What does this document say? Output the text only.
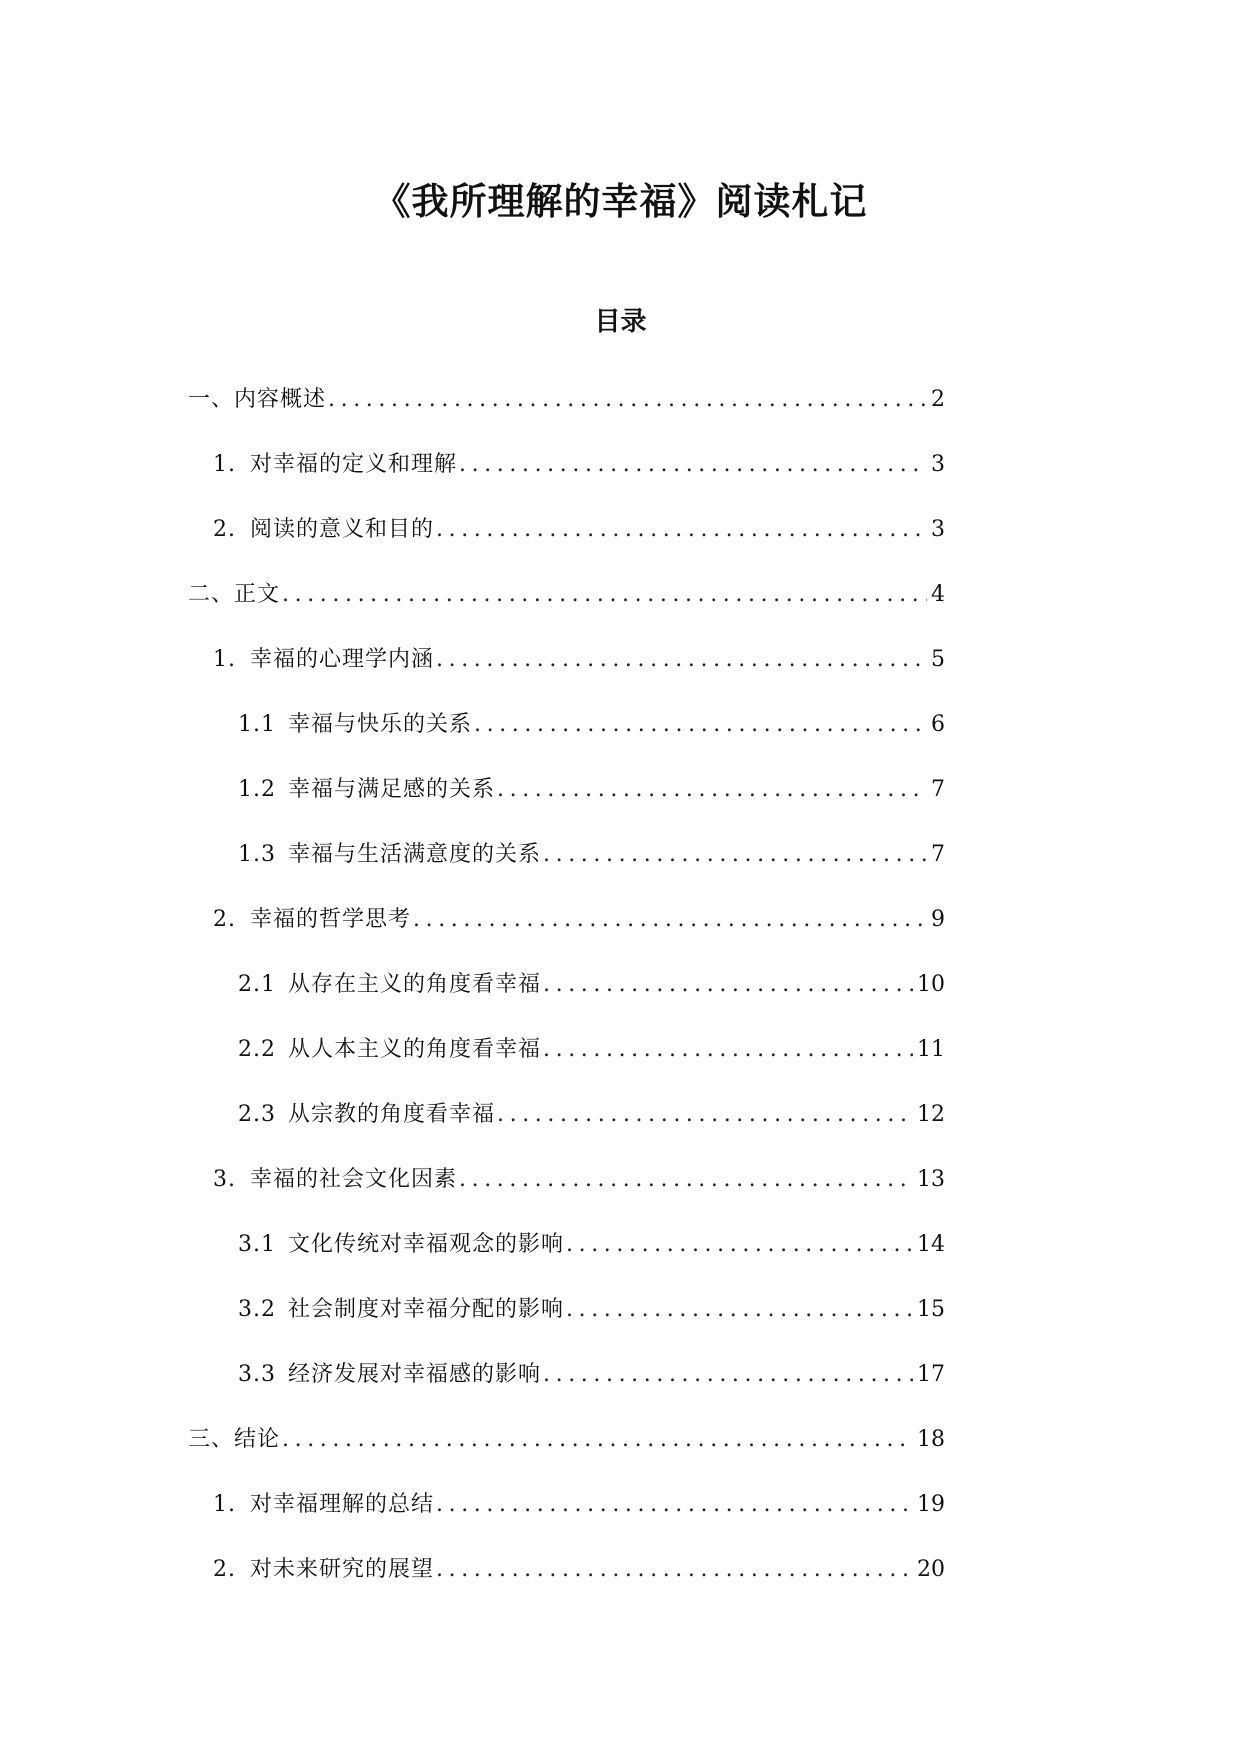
《我所理解的幸福》阅读札记
目录
一、 内容概述 .....	2
1. 对幸福的定义和理解 .....	3
2. 阅读的意义和目的 .....	3
二、 正文 .....	4
1. 幸福的心理学内涵 .....	5
1.1 幸福与快乐的关系 .....	6
1.2 幸福与满足感的关系 .....	7
1.3 幸福与生活满意度的关系 .....	7
2. 幸福的哲学思考 .....	9
2.1 从存在主义的角度看幸福 .....	10
2.2 从人本主义的角度看幸福 .....	11
2.3 从宗教的角度看幸福 .....	12
3. 幸福的社会文化因素 .....	13
3.1 文化传统对幸福观念的影响 .....	14
3.2 社会制度对幸福分配的影响 .....	15
3.3 经济发展对幸福感的影响 .....	17
三、 结论 .....	18
1. 对幸福理解的总结 .....	19
2. 对未来研究的展望 .....	20
